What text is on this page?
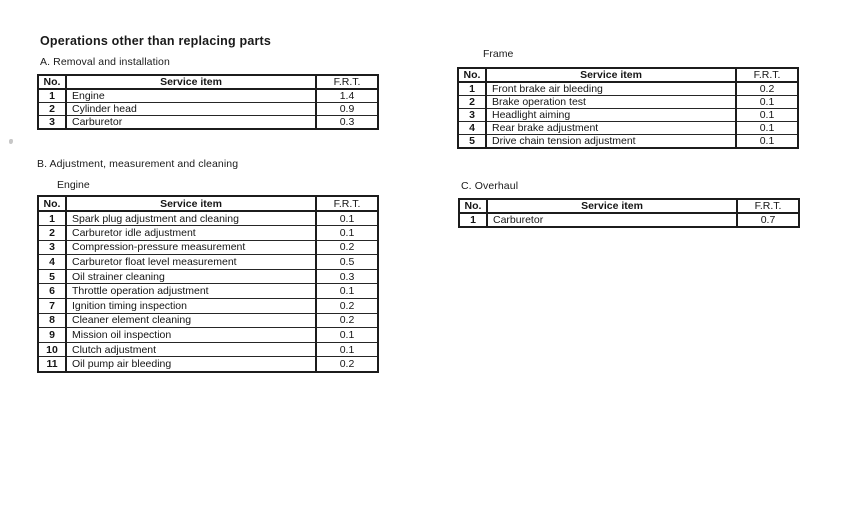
Operations other than replacing parts
A. Removal and installation
No.	Service item	F.R.T.
1	Engine	1.4
2	Cylinder head	0.9
3	Carburetor	0.3
B. Adjustment, measurement and cleaning
Engine
No.	Service item	F.R.T.
1	Spark plug adjustment and cleaning	0.1
2	Carburetor idle adjustment	0.1
3	Compression-pressure measurement	0.2
4	Carburetor float level measurement	0.5
5	Oil strainer cleaning	0.3
6	Throttle operation adjustment	0.1
7	Ignition timing inspection	0.2
8	Cleaner element cleaning	0.2
9	Mission oil inspection	0.1
10	Clutch adjustment	0.1
11	Oil pump air bleeding	0.2
Frame
No.	Service item	F.R.T.
1	Front brake air bleeding	0.2
2	Brake operation test	0.1
3	Headlight aiming	0.1
4	Rear brake adjustment	0.1
5	Drive chain tension adjustment	0.1
C. Overhaul
No.	Service item	F.R.T.
1	Carburetor	0.7
